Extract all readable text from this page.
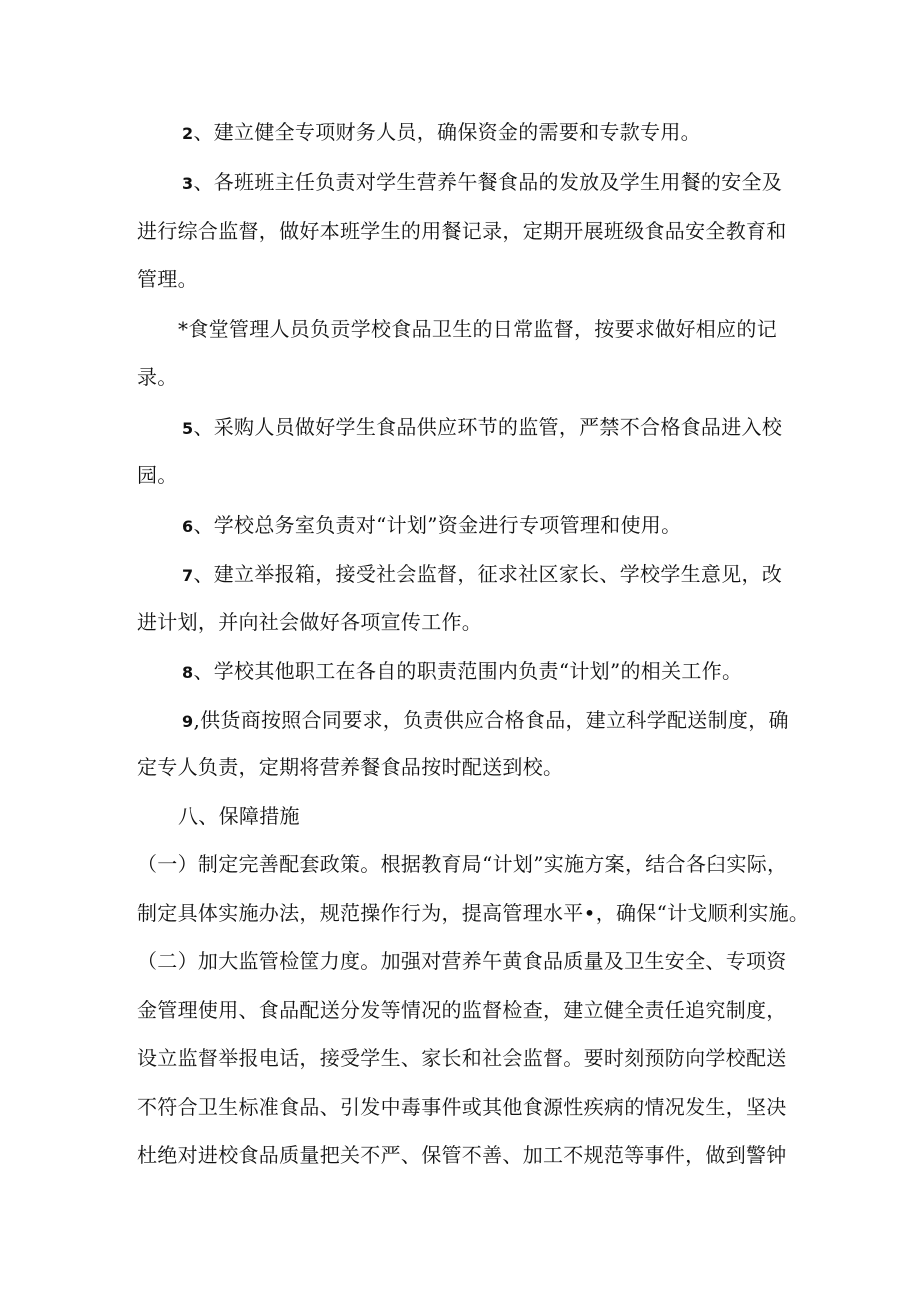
2、建立健全专项财务人员，确保资金的需要和专款专用。
3、各班班主任负责对学生营养午餐食品的发放及学生用餐的安全及
进行综合监督，做好本班学生的用餐记录，定期开展班级食品安全教育和
管理。
*食堂管理人员负贡学校食品卫生的日常监督，按要求做好相应的记
录。
5、采购人员做好学生食品供应环节的监管，严禁不合格食品进入校
园。
6、学校总务室负责对“计划”资金进行专项管理和使用。
7、建立举报箱，接受社会监督，征求社区家长、学校学生意见，改
进计划，并向社会做好各项宣传工作。
8、学校其他职工在各自的职责范围内负责“计划”的相关工作。
9,供货商按照合同要求，负责供应合格食品，建立科学配送制度，确
定专人负责，定期将营养餐食品按时配送到校。
八、保障措施
（一）制定完善配套政策。根据教育局“计划”实施方案，结合各臼实际，
制定具体实施办法，规范操作行为，提高管理水平•，确保“计戈顺利实施。
（二）加大监管检筐力度。加强对营养午黄食品质量及卫生安全、专项资
金管理使用、食品配送分发等情况的监督检查，建立健全责任追究制度，
设立监督举报电话，接受学生、家长和社会监督。要时刻预防向学校配送
不符合卫生标准食品、引发中毒事件或其他食源性疾病的情况发生，坚决
杜绝对进校食品质量把关不严、保管不善、加工不规范等事件，做到警钟
